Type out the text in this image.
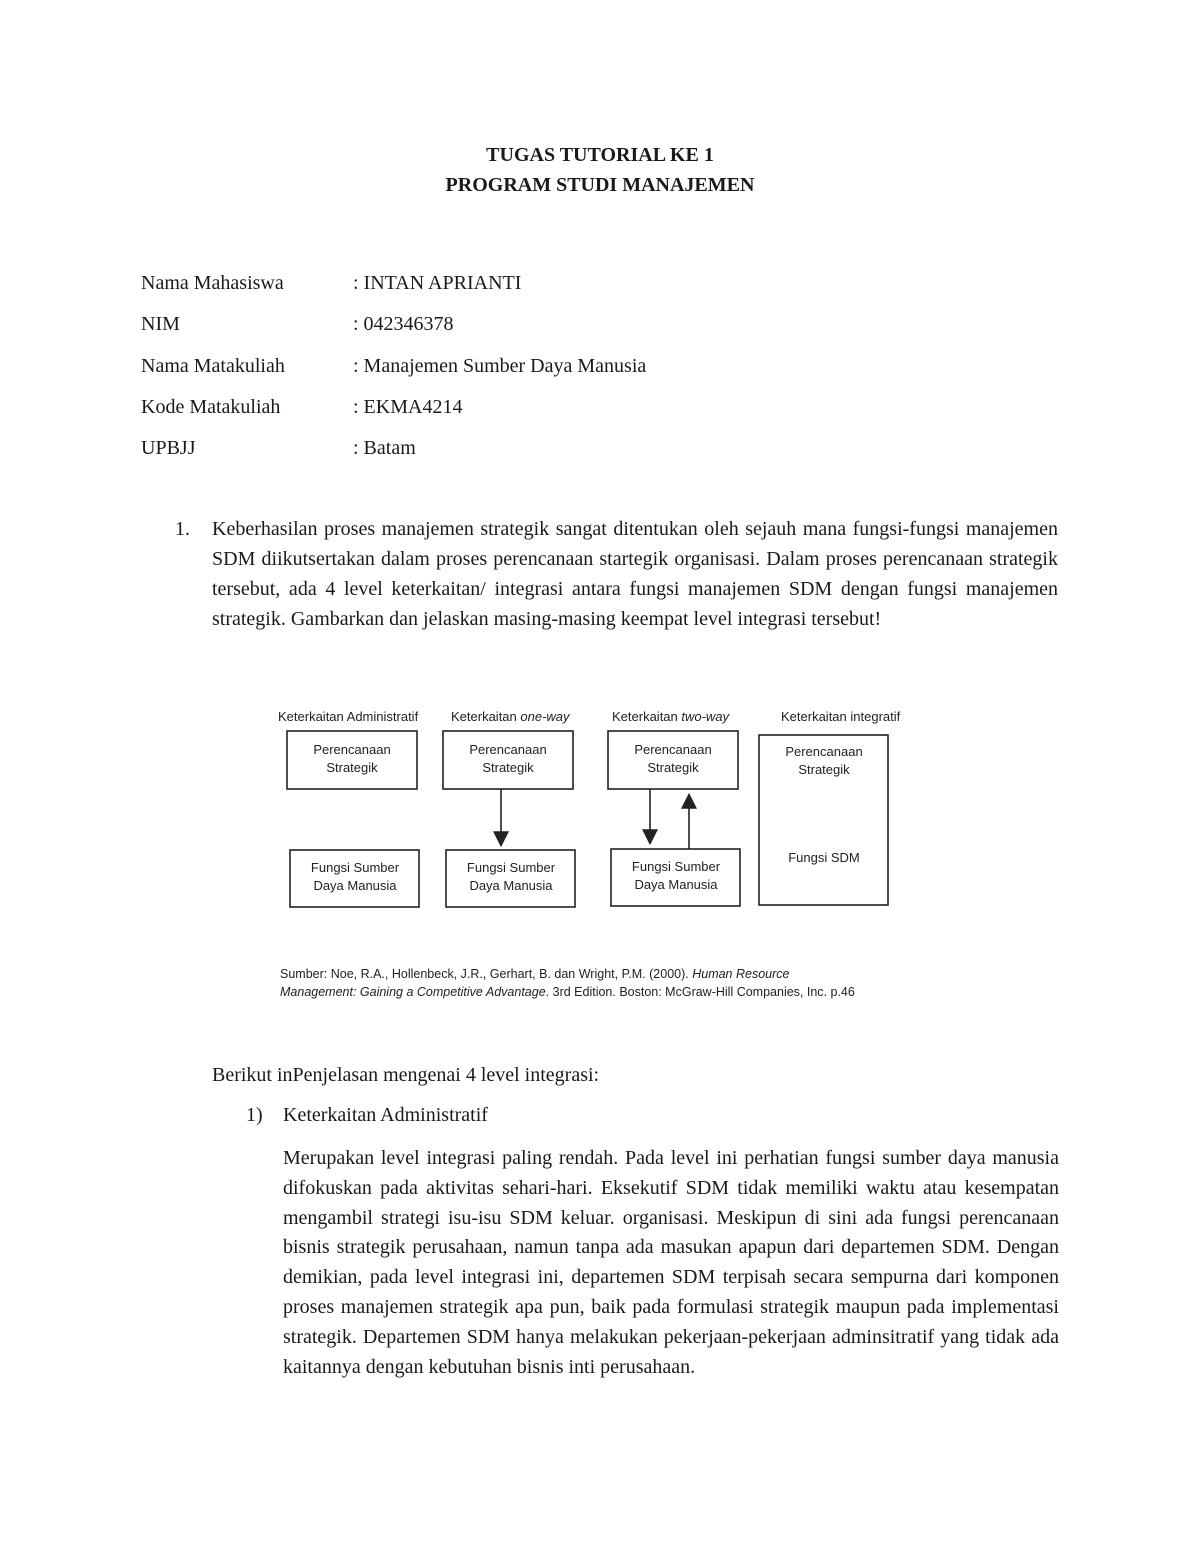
TUGAS TUTORIAL KE 1
PROGRAM STUDI MANAJEMEN
Nama Mahasiswa	: INTAN APRIANTI
NIM	: 042346378
Nama Matakuliah	: Manajemen Sumber Daya Manusia
Kode Matakuliah	: EKMA4214
UPBJJ	: Batam
1. Keberhasilan proses manajemen strategik sangat ditentukan oleh sejauh mana fungsi-fungsi manajemen SDM diikutsertakan dalam proses perencanaan startegik organisasi. Dalam proses perencanaan strategik tersebut, ada 4 level keterkaitan/ integrasi antara fungsi manajemen SDM dengan fungsi manajemen strategik. Gambarkan dan jelaskan masing-masing keempat level integrasi tersebut!
Keterkaitan Administratif	Keterkaitan one-way	Keterkaitan two-way	Keterkaitan integratif
Perencanaan
Strategik
Fungsi Sumber
Daya Manusia
Perencanaan
Strategik
Fungsi Sumber
Daya Manusia
Perencanaan
Strategik
Fungsi Sumber
Daya Manusia
Perencanaan
Strategik
Fungsi SDM
Sumber: Noe, R.A., Hollenbeck, J.R., Gerhart, B. dan Wright, P.M. (2000). Human Resource
Management: Gaining a Competitive Advantage. 3rd Edition. Boston: McGraw-Hill Companies, Inc. p.46
Berikut inPenjelasan mengenai 4 level integrasi:
1) Keterkaitan Administratif
Merupakan level integrasi paling rendah. Pada level ini perhatian fungsi sumber daya manusia difokuskan pada aktivitas sehari-hari. Eksekutif SDM tidak memiliki waktu atau kesempatan mengambil strategi isu-isu SDM keluar. organisasi. Meskipun di sini ada fungsi perencanaan bisnis strategik perusahaan, namun tanpa ada masukan apapun dari departemen SDM. Dengan demikian, pada level integrasi ini, departemen SDM terpisah secara sempurna dari komponen proses manajemen strategik apa pun, baik pada formulasi strategik maupun pada implementasi strategik. Departemen SDM hanya melakukan pekerjaan-pekerjaan adminsitratif yang tidak ada kaitannya dengan kebutuhan bisnis inti perusahaan.
